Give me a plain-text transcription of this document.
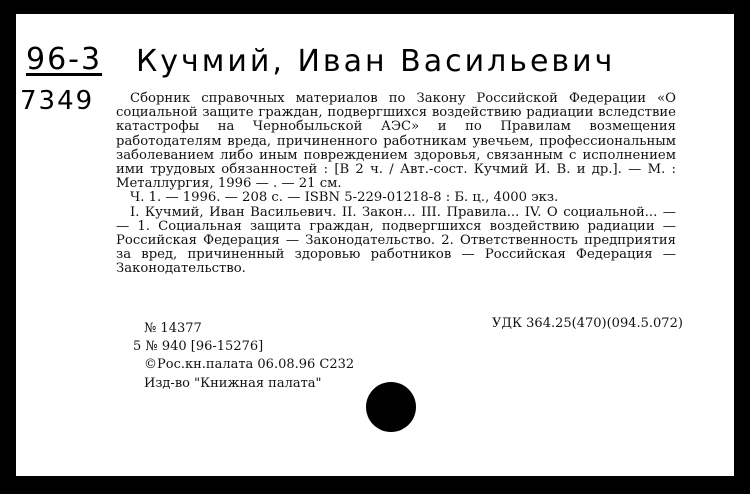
96-3
7349
Кучмий, Иван Васильевич

Сборник справочных материалов по Закону Российской Федерации «О социальной защите граждан, подвергшихся воздействию радиации вследствие катастрофы на Чернобыльской АЭС» и по Правилам возмещения работодателям вреда, причиненного работникам увечьем, профессиональным заболеванием либо иным повреждением здоровья, связанным с исполнением ими трудовых обязанностей : [В 2 ч. / Авт.-сост. Кучмий И. В. и др.]. — М. : Металлургия, 1996 — . — 21 см.

Ч. 1. — 1996. — 208 с. — ISBN 5-229-01218-8 : Б. ц., 4000 экз.

I. Кучмий, Иван Васильевич. II. Закон... III. Правила... IV. О социальной... — — 1. Социальная защита граждан, подвергшихся воздействию радиации — Российская Федерация — Законодательство. 2. Ответственность предприятия за вред, причиненный здоровью работников — Российская Федерация — Законодательство.

№ 14377	УДК 364.25(470)(094.5.072)
5 № 940 [96-15276]
©Рос.кн.палата 06.08.96 С232
Изд-во "Книжная палата"
